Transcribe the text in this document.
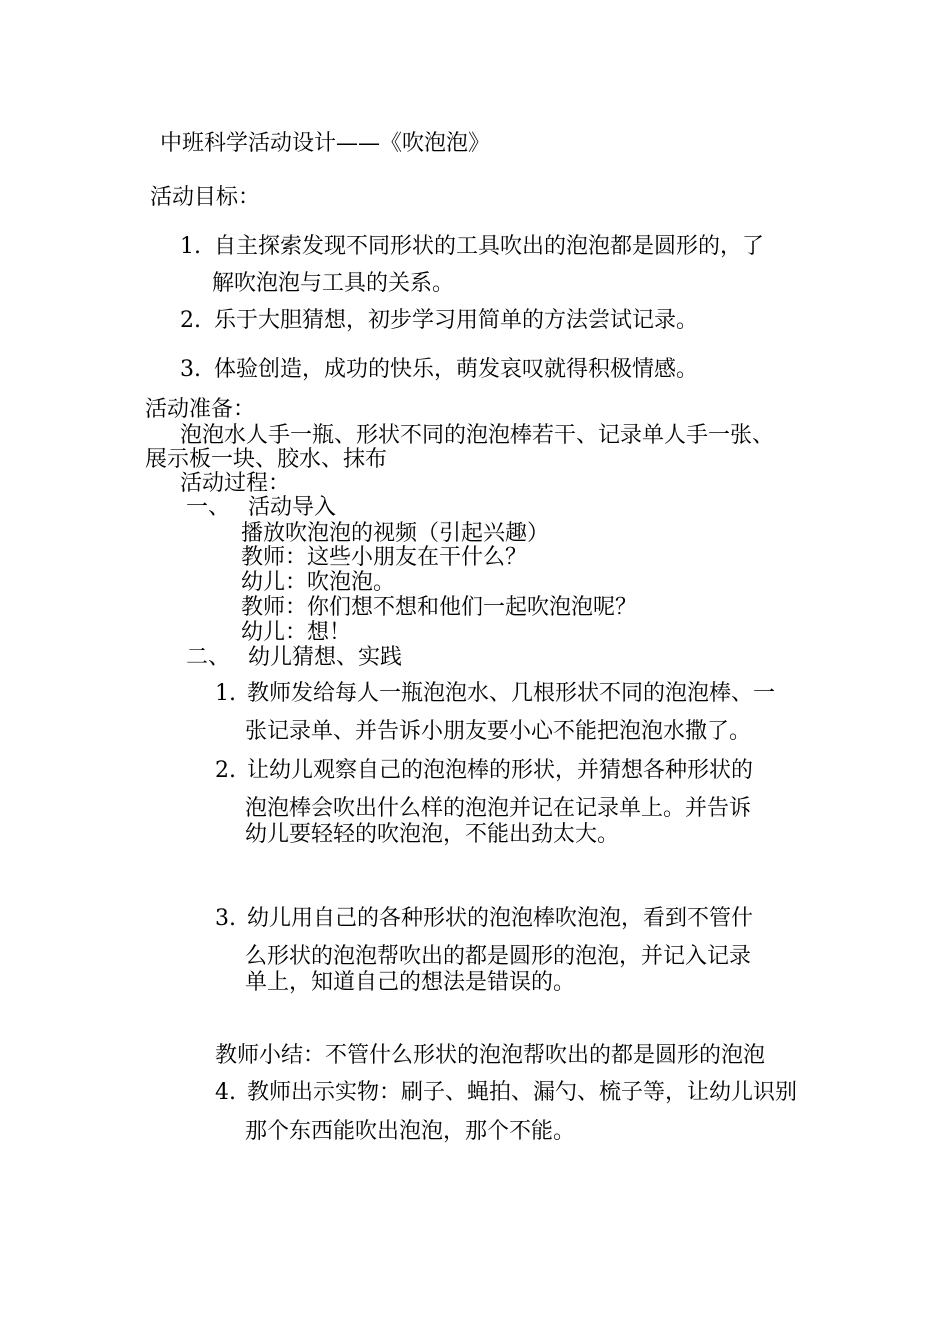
中班科学活动设计——《吹泡泡》
活动目标：
1. 自主探索发现不同形状的工具吹出的泡泡都是圆形的，了
解吹泡泡与工具的关系。
2. 乐于大胆猜想，初步学习用简单的方法尝试记录。
3. 体验创造，成功的快乐，萌发哀叹就得积极情感。
活动准备：
泡泡水人手一瓶、形状不同的泡泡棒若干、记录单人手一张、
展示板一块、胶水、抹布
活动过程：
一、 活动导入
播放吹泡泡的视频（引起兴趣）
教师：这些小朋友在干什么？
幼儿：吹泡泡。
教师：你们想不想和他们一起吹泡泡呢？
幼儿：想！
二、 幼儿猜想、实践
1. 教师发给每人一瓶泡泡水、几根形状不同的泡泡棒、一
张记录单、并告诉小朋友要小心不能把泡泡水撒了。
2. 让幼儿观察自己的泡泡棒的形状，并猜想各种形状的
泡泡棒会吹出什么样的泡泡并记在记录单上。并告诉
幼儿要轻轻的吹泡泡，不能出劲太大。
3. 幼儿用自己的各种形状的泡泡棒吹泡泡，看到不管什
么形状的泡泡帮吹出的都是圆形的泡泡，并记入记录
单上，知道自己的想法是错误的。
教师小结：不管什么形状的泡泡帮吹出的都是圆形的泡泡
4. 教师出示实物：刷子、蝇拍、漏勺、梳子等，让幼儿识别
那个东西能吹出泡泡，那个不能。
